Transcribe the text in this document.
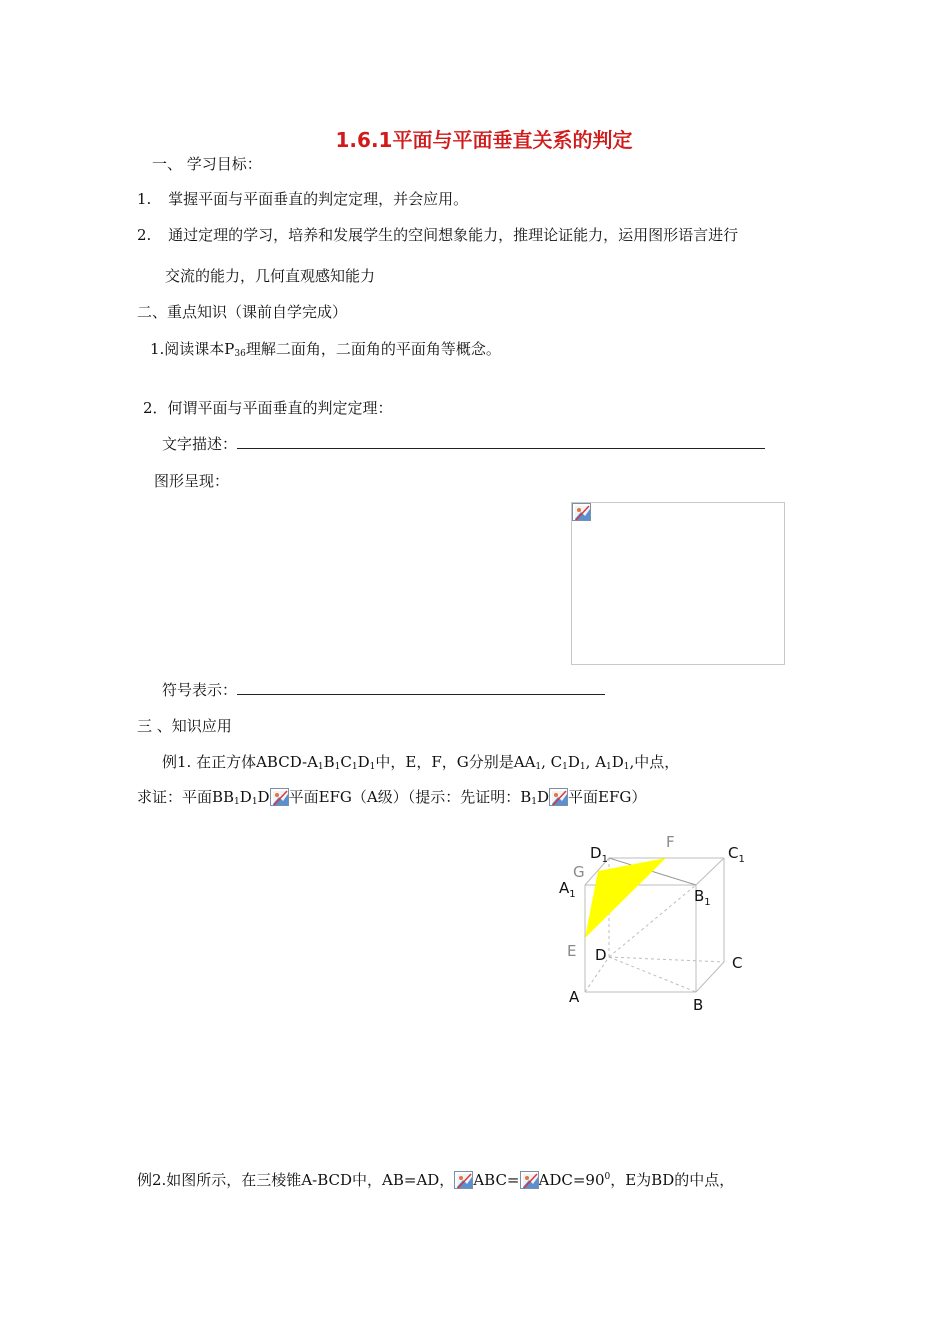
1.6.1平面与平面垂直关系的判定
一、 学习目标：
1. 掌握平面与平面垂直的判定定理，并会应用。
2. 通过定理的学习，培养和发展学生的空间想象能力，推理论证能力，运用图形语言进行
交流的能力，几何直观感知能力
二、重点知识（课前自学完成）
1.阅读课本$P_{36}$理解二面角，二面角的平面角等概念。
2．何谓平面与平面垂直的判定定理：
文字描述：
图形呈现：
符号表示：
三 、知识应用
例1. 在正方体ABCD-$A_1B_1C_1D_1$中，E，F，G分别是$AA_1$, $C_1D_1$, $A_1D_1$,中点，
求证：平面$BB_1D_1D$ 平面EFG（A级）（提示：先证明：$B_1D$ 平面EFG）
$D_1$
F
$C_1$
G
$A_1$	$B_1$
E D	C
A	B
例2.如图所示，在三棱锥A-BCD中，AB=AD， $ABC= ADC=90^0$，E为BD的中点，
